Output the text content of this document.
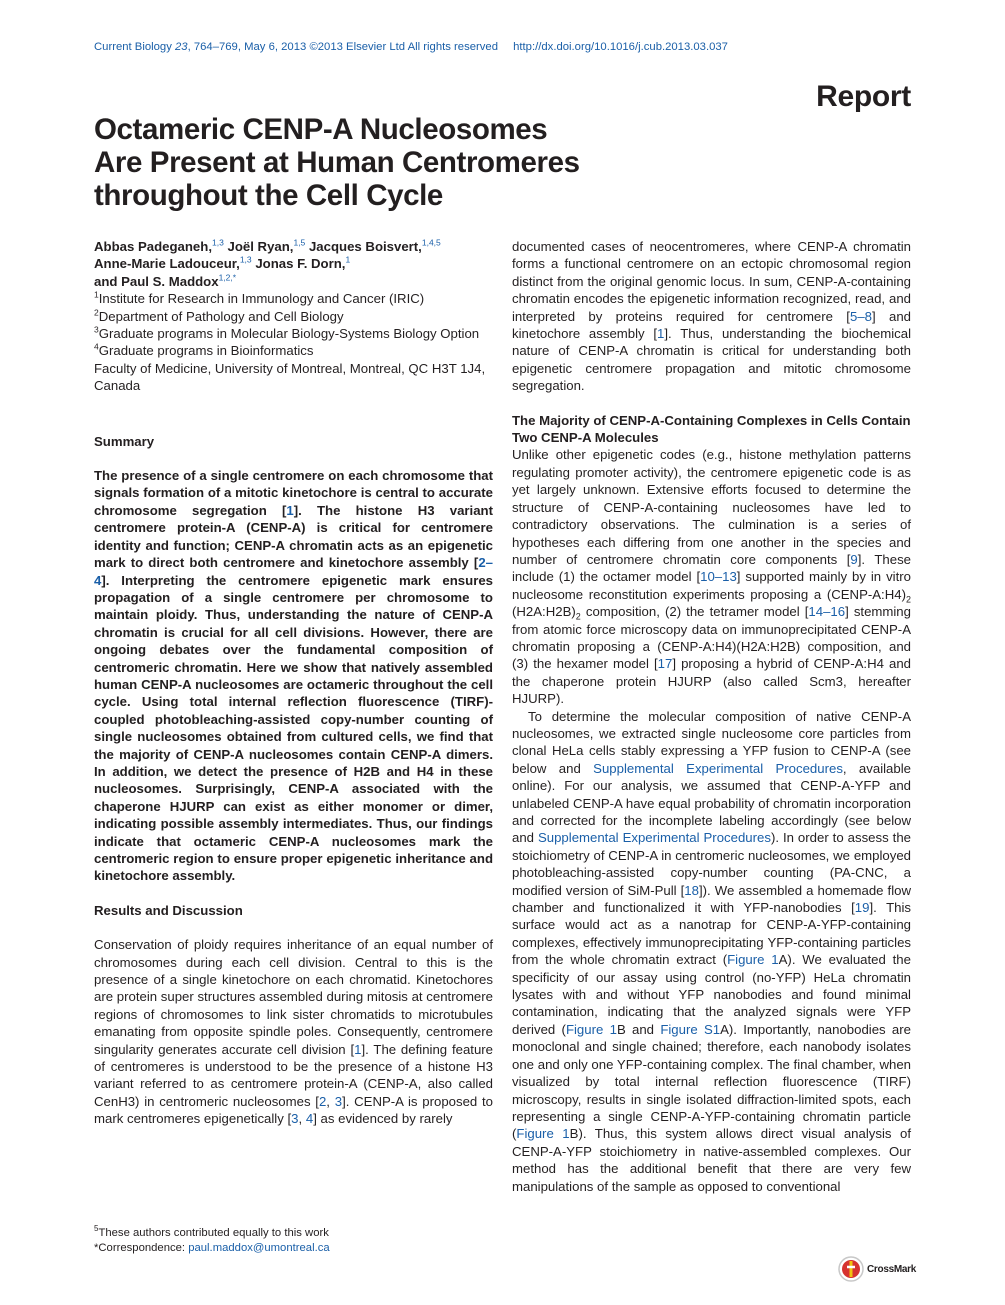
Current Biology 23, 764–769, May 6, 2013 ©2013 Elsevier Ltd All rights reserved http://dx.doi.org/10.1016/j.cub.2013.03.037
Report
Octameric CENP-A Nucleosomes
Are Present at Human Centromeres
throughout the Cell Cycle
Abbas Padeganeh,$^{1,3}$ Joël Ryan,$^{1,5}$ Jacques Boisvert,$^{1,4,5}$
Anne-Marie Ladouceur,$^{1,3}$ Jonas F. Dorn,$^1$
and Paul S. Maddox$^{1,2,*}$
$^1$Institute for Research in Immunology and Cancer (IRIC)
$^2$Department of Pathology and Cell Biology
$^3$Graduate programs in Molecular Biology-Systems Biology Option
$^4$Graduate programs in Bioinformatics
Faculty of Medicine, University of Montreal, Montreal, QC H3T 1J4, Canada
Summary

The presence of a single centromere on each chromosome that signals formation of a mitotic kinetochore is central to accurate chromosome segregation [1]. The histone H3 variant centromere protein-A (CENP-A) is critical for centromere identity and function; CENP-A chromatin acts as an epigenetic mark to direct both centromere and kinetochore assembly [2–4]. Interpreting the centromere epigenetic mark ensures propagation of a single centromere per chromosome to maintain ploidy. Thus, understanding the nature of CENP-A chromatin is crucial for all cell divisions. However, there are ongoing debates over the fundamental composition of centromeric chromatin. Here we show that natively assembled human CENP-A nucleosomes are octameric throughout the cell cycle. Using total internal reflection fluorescence (TIRF)-coupled photobleaching-assisted copy-number counting of single nucleosomes obtained from cultured cells, we find that the majority of CENP-A nucleosomes contain CENP-A dimers. In addition, we detect the presence of H2B and H4 in these nucleosomes. Surprisingly, CENP-A associated with the chaperone HJURP can exist as either monomer or dimer, indicating possible assembly intermediates. Thus, our findings indicate that octameric CENP-A nucleosomes mark the centromeric region to ensure proper epigenetic inheritance and kinetochore assembly.

Results and Discussion

Conservation of ploidy requires inheritance of an equal number of chromosomes during each cell division. Central to this is the presence of a single kinetochore on each chromatid. Kinetochores are protein super structures assembled during mitosis at centromere regions of chromosomes to link sister chromatids to microtubules emanating from opposite spindle poles. Consequently, centromere singularity generates accurate cell division [1]. The defining feature of centromeres is understood to be the presence of a histone H3 variant referred to as centromere protein-A (CENP-A, also called CenH3) in centromeric nucleosomes [2, 3]. CENP-A is proposed to mark centromeres epigenetically [3, 4] as evidenced by rarely

documented cases of neocentromeres, where CENP-A chromatin forms a functional centromere on an ectopic chromosomal region distinct from the original genomic locus. In sum, CENP-A-containing chromatin encodes the epigenetic information recognized, read, and interpreted by proteins required for centromere [5–8] and kinetochore assembly [1]. Thus, understanding the biochemical nature of CENP-A chromatin is critical for understanding both epigenetic centromere propagation and mitotic chromosome segregation.

The Majority of CENP-A-Containing Complexes in Cells Contain Two CENP-A Molecules

Unlike other epigenetic codes (e.g., histone methylation patterns regulating promoter activity), the centromere epigenetic code is as yet largely unknown. Extensive efforts focused to determine the structure of CENP-A-containing nucleosomes have led to contradictory observations. The culmination is a series of hypotheses each differing from one another in the species and number of centromere chromatin core components [9]. These include (1) the octamer model [10–13] supported mainly by in vitro nucleosome reconstitution experiments proposing a $(CENP-A:H4)_2$ $(H2A:H2B)_2$ composition, (2) the tetramer model [14–16] stemming from atomic force microscopy data on immunoprecipitated CENP-A chromatin proposing a (CENP-A:H4)(H2A:H2B) composition, and (3) the hexamer model [17] proposing a hybrid of CENP-A:H4 and the chaperone protein HJURP (also called Scm3, hereafter HJURP).

To determine the molecular composition of native CENP-A nucleosomes, we extracted single nucleosome core particles from clonal HeLa cells stably expressing a YFP fusion to CENP-A (see below and Supplemental Experimental Procedures, available online). For our analysis, we assumed that CENP-A-YFP and unlabeled CENP-A have equal probability of chromatin incorporation and corrected for the incomplete labeling accordingly (see below and Supplemental Experimental Procedures). In order to assess the stoichiometry of CENP-A in centromeric nucleosomes, we employed photobleaching-assisted copy-number counting (PA-CNC, a modified version of SiM-Pull [18]). We assembled a homemade flow chamber and functionalized it with YFP-nanobodies [19]. This surface would act as a nanotrap for CENP-A-YFP-containing complexes, effectively immunoprecipitating YFP-containing particles from the whole chromatin extract (Figure 1A). We evaluated the specificity of our assay using control (no-YFP) HeLa chromatin lysates with and without YFP nanobodies and found minimal contamination, indicating that the analyzed signals were YFP derived (Figure 1B and Figure S1A). Importantly, nanobodies are monoclonal and single chained; therefore, each nanobody isolates one and only one YFP-containing complex. The final chamber, when visualized by total internal reflection fluorescence (TIRF) microscopy, results in single isolated diffraction-limited spots, each representing a single CENP-A-YFP-containing chromatin particle (Figure 1B). Thus, this system allows direct visual analysis of CENP-A-YFP stoichiometry in native-assembled complexes. Our method has the additional benefit that there are very few manipulations of the sample as opposed to conventional

$^5$These authors contributed equally to this work
*Correspondence: paul.maddox@umontreal.ca
CrossMark
